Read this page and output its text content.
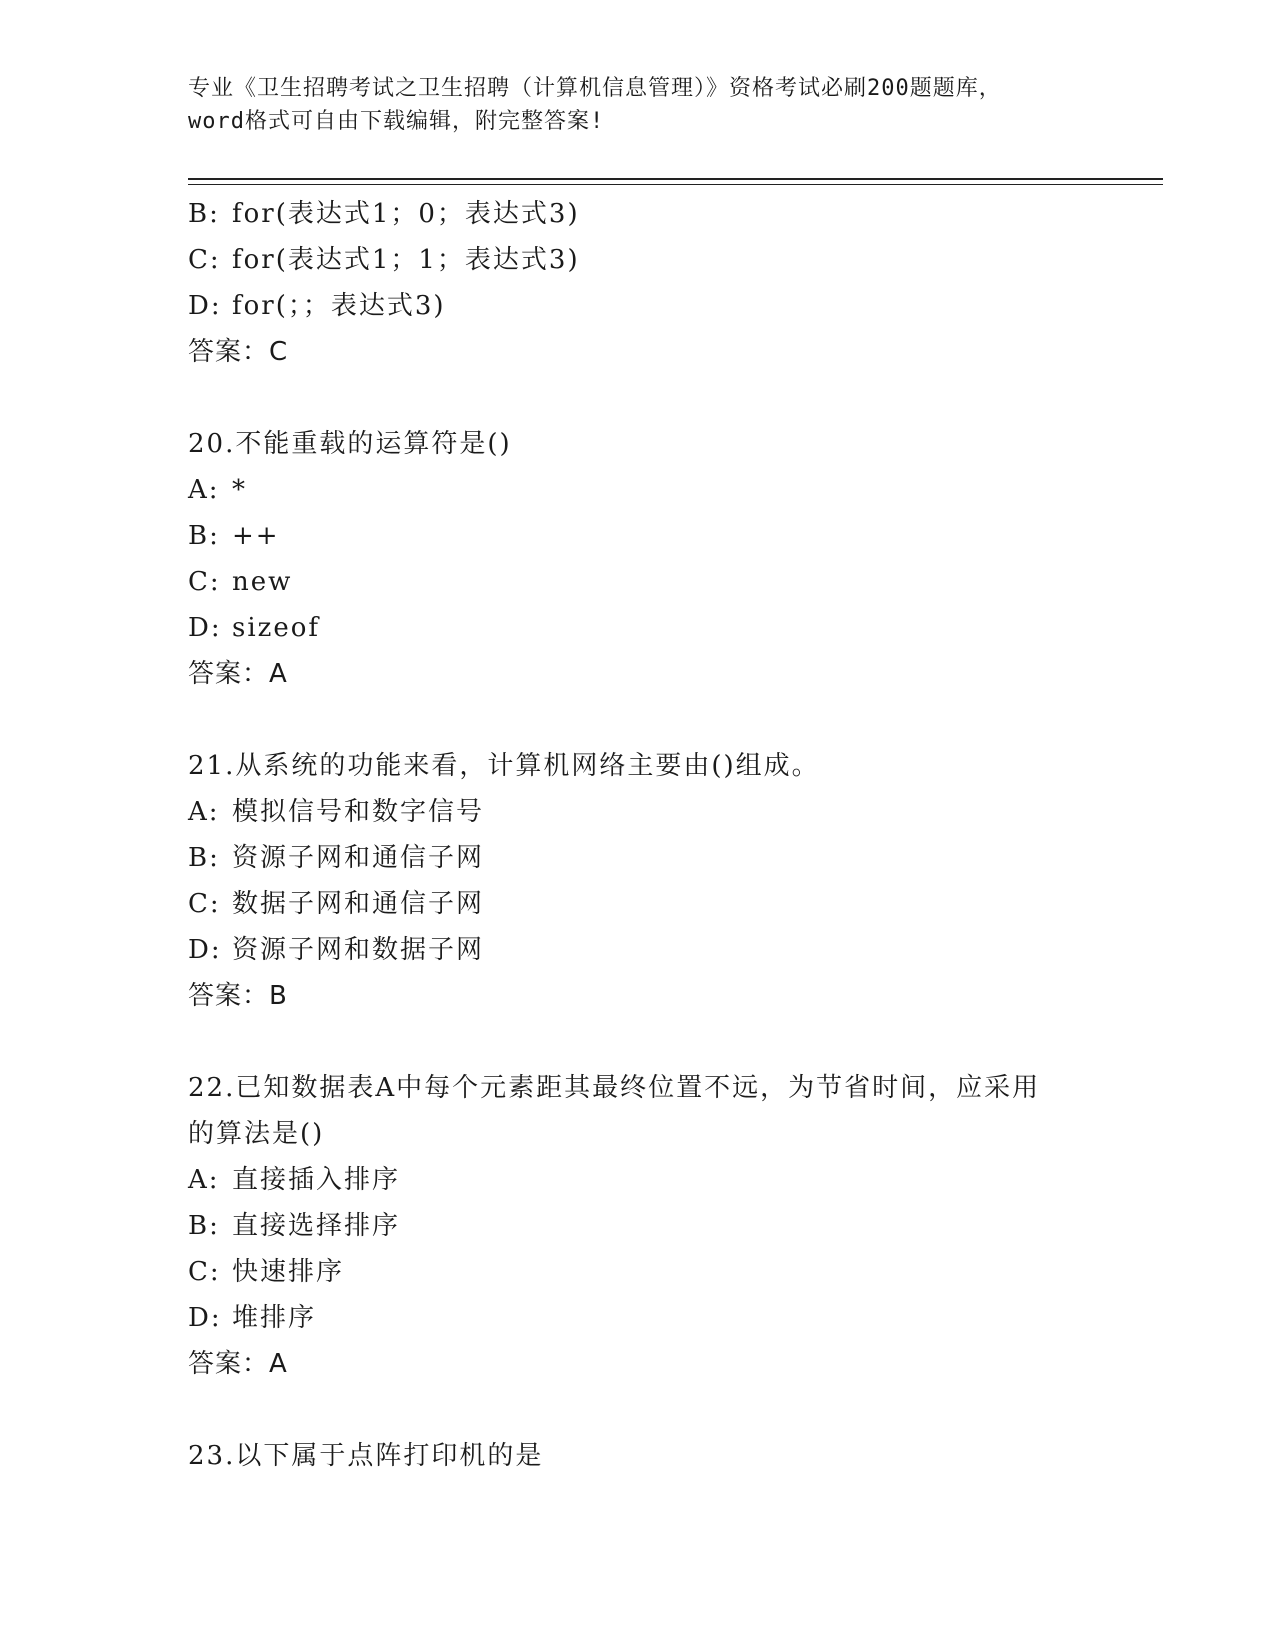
专业《卫生招聘考试之卫生招聘（计算机信息管理）》资格考试必刷200题题库，
word格式可自由下载编辑，附完整答案!
B: for(表达式1；0；表达式3)
C: for(表达式1；1；表达式3)
D: for(；；表达式3)
答案：C
20.不能重载的运算符是()
A: *
B: ++
C: new
D: sizeof
答案：A
21.从系统的功能来看，计算机网络主要由()组成。
A: 模拟信号和数字信号
B: 资源子网和通信子网
C: 数据子网和通信子网
D: 资源子网和数据子网
答案：B
22.已知数据表A中每个元素距其最终位置不远，为节省时间，应采用
的算法是()
A: 直接插入排序
B: 直接选择排序
C: 快速排序
D: 堆排序
答案：A
23.以下属于点阵打印机的是
